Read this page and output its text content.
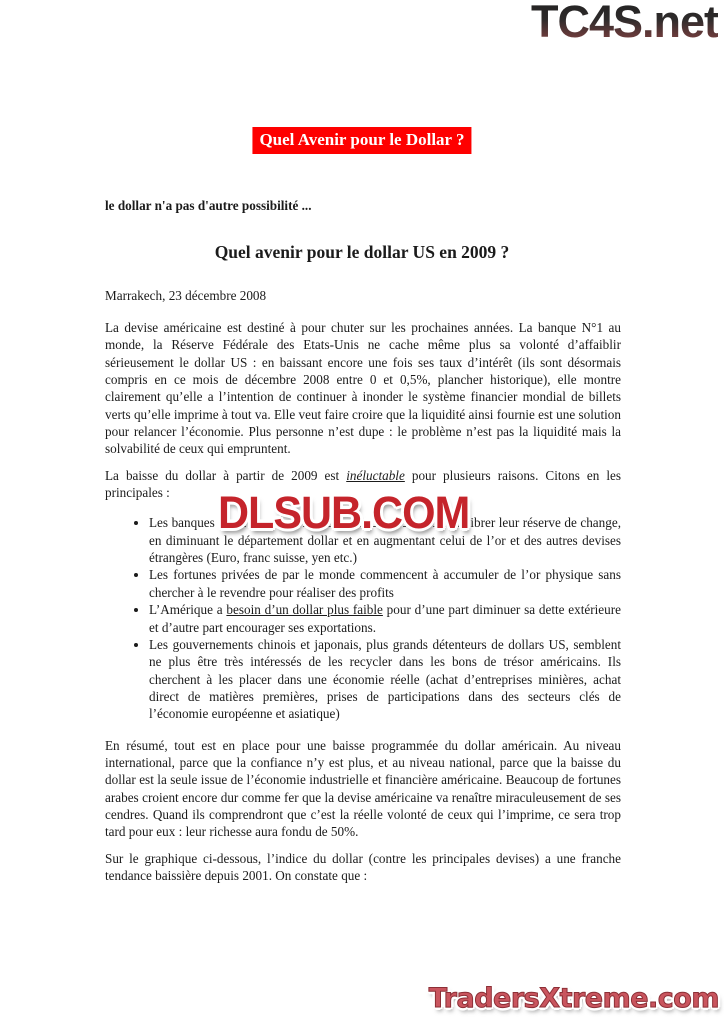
TC4S.net
Quel Avenir pour le Dollar ?
le dollar n'a pas d'autre possibilité ...
Quel avenir pour le dollar US en 2009 ?
Marrakech, 23 décembre 2008

La devise américaine est destiné à pour chuter sur les prochaines années. La banque N°1 au monde, la Réserve Fédérale des Etats-Unis ne cache même plus sa volonté d’affaiblir sérieusement le dollar US : en baissant encore une fois ses taux d’intérêt (ils sont désormais compris en ce mois de décembre 2008 entre 0 et 0,5%, plancher historique), elle montre clairement qu’elle a l’intention de continuer à inonder le système financier mondial de billets verts qu’elle imprime à tout va. Elle veut faire croire que la liquidité ainsi fournie est une solution pour relancer l’économie. Plus personne n’est dupe : le problème n’est pas la liquidité mais la solvabilité de ceux qui empruntent.

La baisse du dollar à partir de 2009 est inéluctable pour plusieurs raisons. Citons en les principales :

• Les banques	quilibrer leur réserve de change, en diminuant le département dollar et en augmentant celui de l’or et des autres devises étrangères (Euro, franc suisse, yen etc.)
• Les fortunes privées de par le monde commencent à accumuler de l’or physique sans chercher à le revendre pour réaliser des profits
• L’Amérique a besoin d’un dollar plus faible pour d’une part diminuer sa dette extérieure et d’autre part encourager ses exportations.
• Les gouvernements chinois et japonais, plus grands détenteurs de dollars US, semblent ne plus être très intéressés de les recycler dans les bons de trésor américains. Ils cherchent à les placer dans une économie réelle (achat d’entreprises minières, achat direct de matières premières, prises de participations dans des secteurs clés de l’économie européenne et asiatique)

En résumé, tout est en place pour une baisse programmée du dollar américain. Au niveau international, parce que la confiance n’y est plus, et au niveau national, parce que la baisse du dollar est la seule issue de l’économie industrielle et financière américaine. Beaucoup de fortunes arabes croient encore dur comme fer que la devise américaine va renaître miraculeusement de ses cendres. Quand ils comprendront que c’est la réelle volonté de ceux qui l’imprime, ce sera trop tard pour eux : leur richesse aura fondu de 50%.

Sur le graphique ci-dessous, l’indice du dollar (contre les principales devises) a une franche tendance baissière depuis 2001. On constate que :

DLSUB.COM
TradersXtreme.com
